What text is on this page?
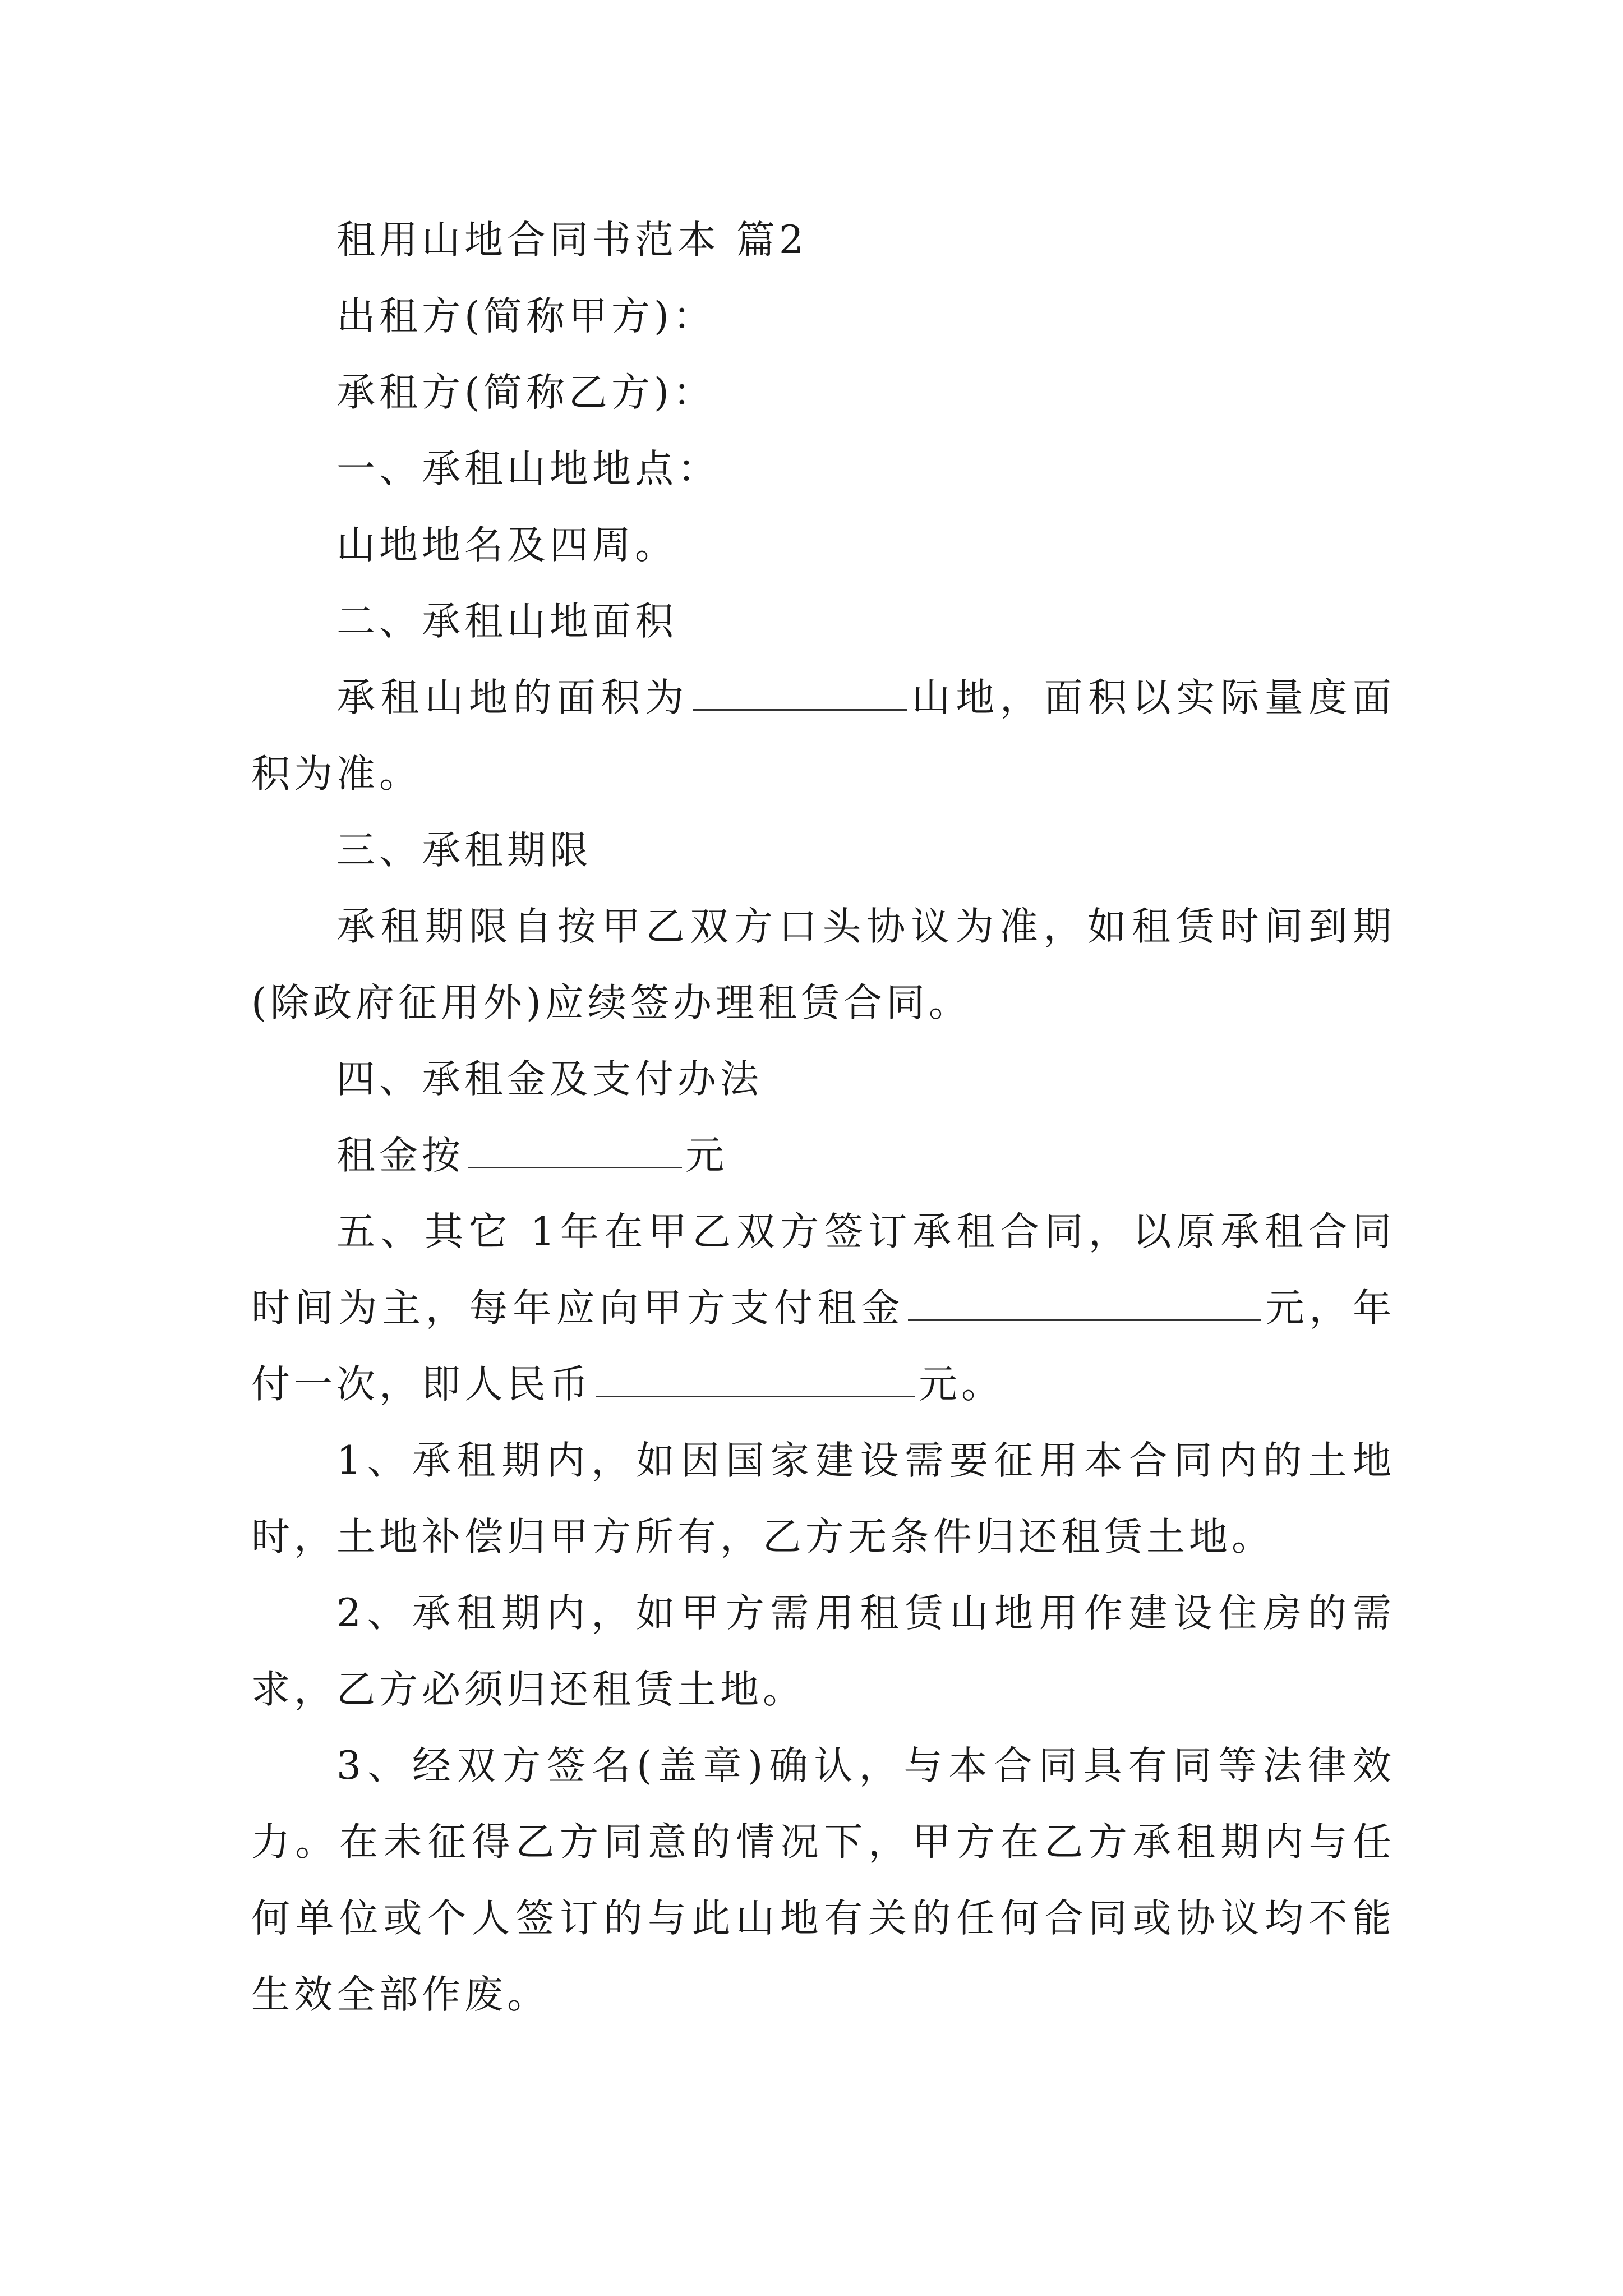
租用山地合同书范本 篇2

出租方(简称甲方)：

承租方(简称乙方)：

一、承租山地地点：

山地地名及四周。

二、承租山地面积

承租山地的面积为	山地，面积以实际量度面积为准。

三、承租期限

承租期限自按甲乙双方口头协议为准，如租赁时间到期(除政府征用外)应续签办理租赁合同。

四、承租金及支付办法

租金按	元

五、其它 1年在甲乙双方签订承租合同，以原承租合同时间为主，每年应向甲方支付租金	元，年付一次，即人民币	元。

1、承租期内，如因国家建设需要征用本合同内的土地时，土地补偿归甲方所有，乙方无条件归还租赁土地。

2、承租期内，如甲方需用租赁山地用作建设住房的需求，乙方必须归还租赁土地。

3、经双方签名(盖章)确认，与本合同具有同等法律效力。在未征得乙方同意的情况下，甲方在乙方承租期内与任何单位或个人签订的与此山地有关的任何合同或协议均不能生效全部作废。
